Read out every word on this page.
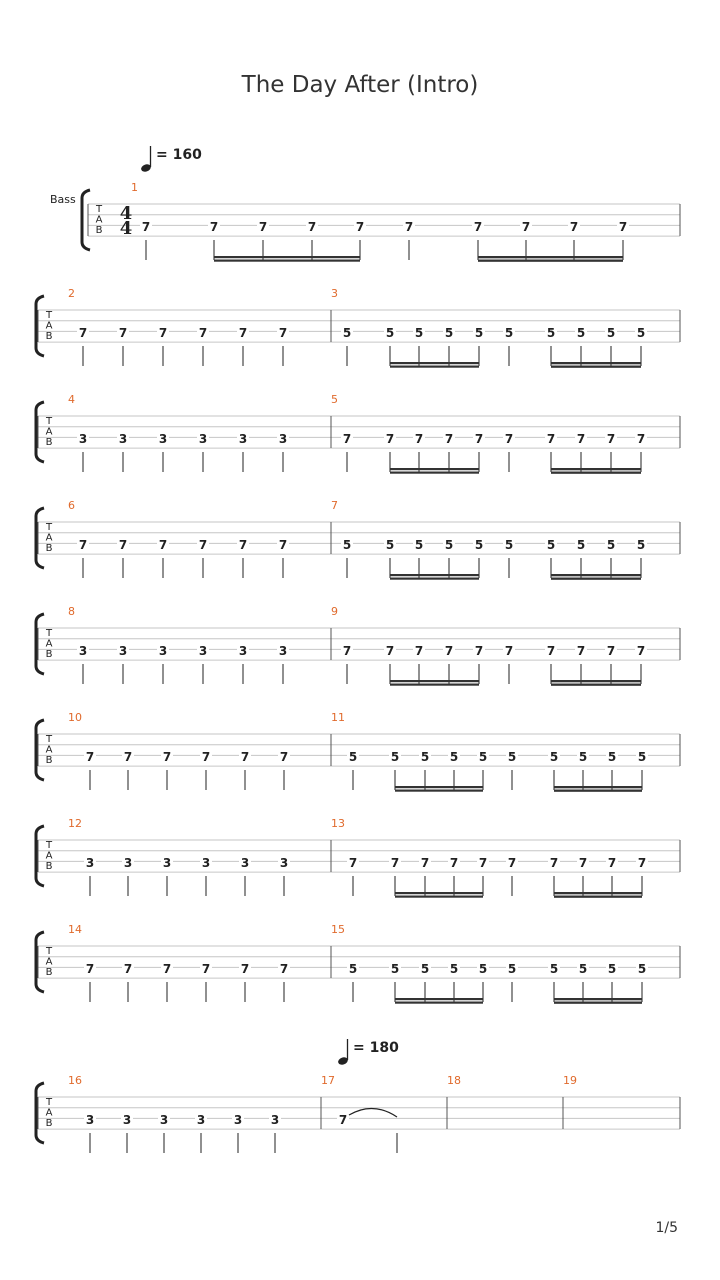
The Day After (Intro)
T
A
B
Bass
4
4
= 160
1
7	7	7	7	7	7	7	7	7	7
T
A
B
2
7	7	7	7	7	7
3
5	5 5 5 5 5	5 5 5 5
T
A
B
4
3	3	3	3	3	3
5
7	7 7 7 7 7	7 7 7 7
T
A
B
6
7	7	7	7	7	7
7
5	5 5 5 5 5	5 5 5 5
T
A
B
8
3	3	3	3	3	3
9
7	7 7 7 7 7	7 7 7 7
T
A
B
10
7 7	7	7	7	7
11
5	5 5 5 5 5	5 5 5 5
T
A
B
12
3 3	3	3	3	3
13
7	7 7 7 7 7	7 7 7 7
T
A
B
14
7 7	7	7	7	7
15
5	5 5 5 5 5	5 5 5 5
T
A
B
= 180
16
3 3 3 3 3 3
17
7
18	19
1/5
